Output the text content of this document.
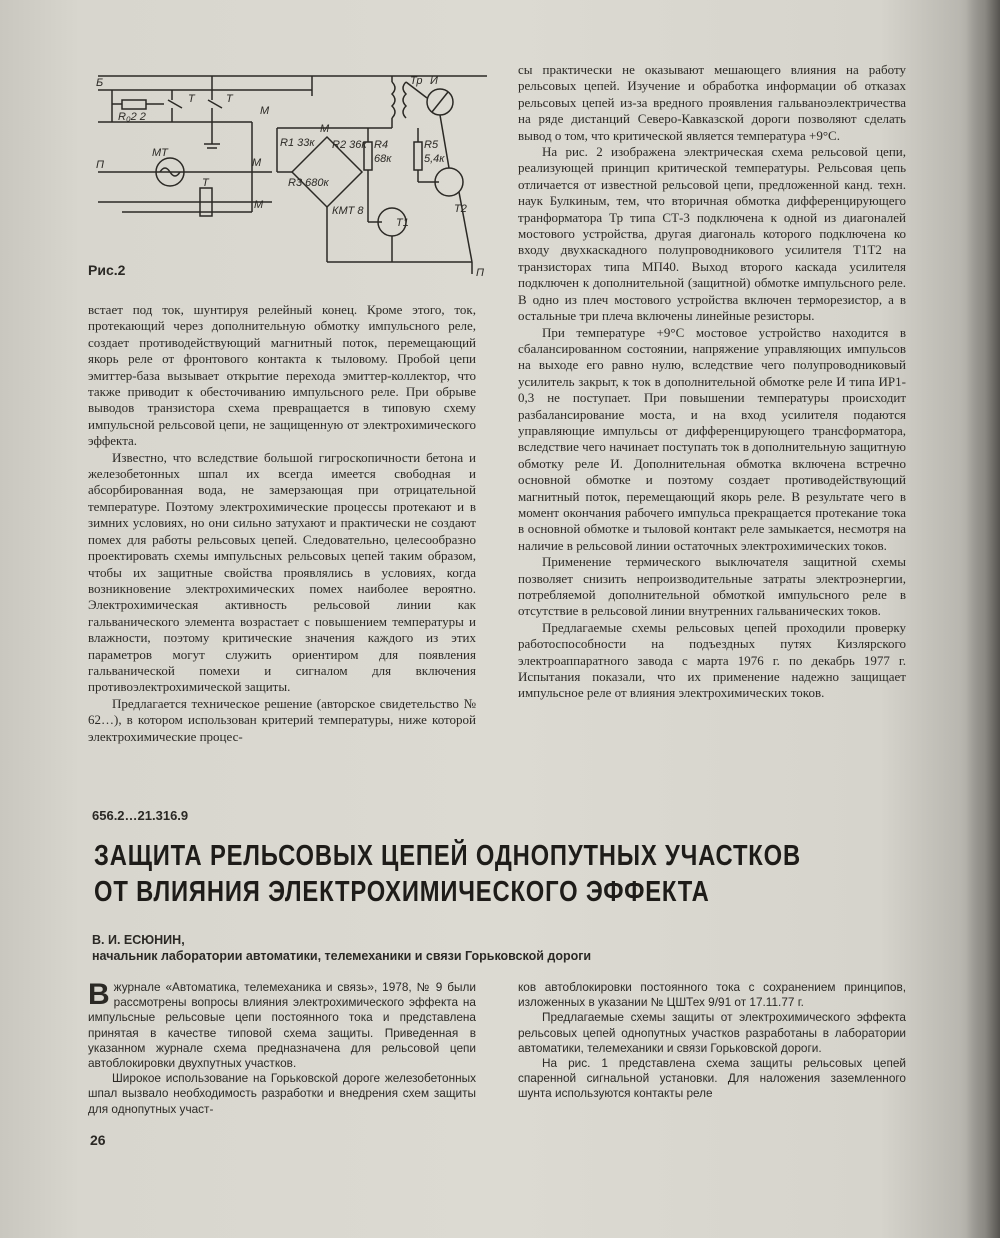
Б
R₀2 2
Т	Т
М
МТ
М
П
Т
М
Тр И
R1 33к
М
R2 36к R4
68к
R5
5,4к
R3 680к
КМТ 8
Т1
Т2
П
Рис.2

встает под ток, шунтируя релейный конец. Кроме этого, ток, протекающий через дополнительную обмотку импульсного реле, создает противодействующий магнитный поток, перемещающий якорь реле от фронтового контакта к тыловому. Пробой цепи эмиттер-база вызывает открытие перехода эмиттер-коллектор, что также приводит к обесточиванию импульсного реле. При обрыве выводов транзистора схема превращается в типовую схему импульсной рельсовой цепи, не защищенную от электрохимического эффекта.

Известно, что вследствие большой гигроскопичности бетона и железобетонных шпал их всегда имеется свободная и абсорбированная вода, не замерзающая при отрицательной температуре. Поэтому электрохимические процессы протекают и в зимних условиях, но они сильно затухают и практически не создают помех для работы рельсовых цепей. Следовательно, целесообразно проектировать схемы импульсных рельсовых цепей таким образом, чтобы их защитные свойства проявлялись в условиях, когда возникновение электрохимических помех наиболее вероятно. Электрохимическая активность рельсовой линии как гальванического элемента возрастает с повышением температуры и влажности, поэтому критические значения каждого из этих параметров могут служить ориентиром для появления гальванической помехи и сигналом для включения противоэлектрохимической защиты.

Предлагается техническое решение (авторское свидетельство № 62…), в котором использован критерий температуры, ниже которой электрохимические процес-

сы практически не оказывают мешающего влияния на работу рельсовых цепей. Изучение и обработка информации об отказах рельсовых цепей из-за вредного проявления гальваноэлектричества на ряде дистанций Северо-Кавказской дороги позволяют сделать вывод о том, что критической является температура +9°С.

На рис. 2 изображена электрическая схема рельсовой цепи, реализующей принцип критической температуры. Рельсовая цепь отличается от известной рельсовой цепи, предложенной канд. техн. наук Булкиным, тем, что вторичная обмотка дифференцирующего транформатора Тр типа СТ-3 подключена к одной из диагоналей мостового устройства, другая диагональ которого подключена ко входу двухкаскадного полупроводникового усилителя Т1Т2 на транзисторах типа МП40. Выход второго каскада усилителя подключен к дополнительной (защитной) обмотке импульсного реле. В одно из плеч мостового устройства включен терморезистор, а в остальные три плеча включены линейные резисторы.

При температуре +9°С мостовое устройство находится в сбалансированном состоянии, напряжение управляющих импульсов на выходе его равно нулю, вследствие чего полупроводниковый усилитель закрыт, к ток в дополнительной обмотке реле И типа ИР1-0,3 не поступает. При повышении температуры происходит разбалансирование моста, и на вход усилителя подаются управляющие импульсы от дифференцирующего трансформатора, вследствие чего начинает поступать ток в дополнительную защитную обмотку реле И. Дополнительная обмотка включена встречно основной обмотке и поэтому создает противодействующий магнитный поток, перемещающий якорь реле. В результате чего в момент окончания рабочего импульса прекращается протекание тока в основной обмотке и тыловой контакт реле замыкается, несмотря на наличие в рельсовой линии остаточных электрохимических токов.

Применение термического выключателя защитной схемы позволяет снизить непроизводительные затраты электроэнергии, потребляемой дополнительной обмоткой импульсного реле в отсутствие в рельсовой линии внутренних гальванических токов.

Предлагаемые схемы рельсовых цепей проходили проверку работоспособности на подъездных путях Кизлярского электроаппаратного завода с марта 1976 г. по декабрь 1977 г. Испытания показали, что их применение надежно защищает импульсное реле от влияния электрохимических токов.

656.2…21.316.9
ЗАЩИТА РЕЛЬСОВЫХ ЦЕПЕЙ ОДНОПУТНЫХ УЧАСТКОВ
ОТ ВЛИЯНИЯ ЭЛЕКТРОХИМИЧЕСКОГО ЭФФЕКТА
В. И. ЕСЮНИН,
начальник лаборатории автоматики, телемеханики и связи Горьковской дороги

Вжурнале «Автоматика, телемеханика и связь», 1978, № 9 были рассмотрены вопросы влияния электрохимического эффекта на импульсные рельсовые цепи постоянного тока и представлена принятая в качестве типовой схема защиты. Приведенная в указанном журнале схема предназначена для рельсовой цепи автоблокировки двухпутных участков.

Широкое использование на Горьковской дороге железобетонных шпал вызвало необходимость разработки и внедрения схем защиты для однопутных участ-

ков автоблокировки постоянного тока с сохранением принципов, изложенных в указании № ЦШТех 9/91 от 17.11.77 г.

Предлагаемые схемы защиты от электрохимического эффекта рельсовых цепей однопутных участков разработаны в лаборатории автоматики, телемеханики и связи Горьковской дороги.

На рис. 1 представлена схема защиты рельсовых цепей спаренной сигнальной установки. Для наложения заземленного шунта используются контакты реле

26
